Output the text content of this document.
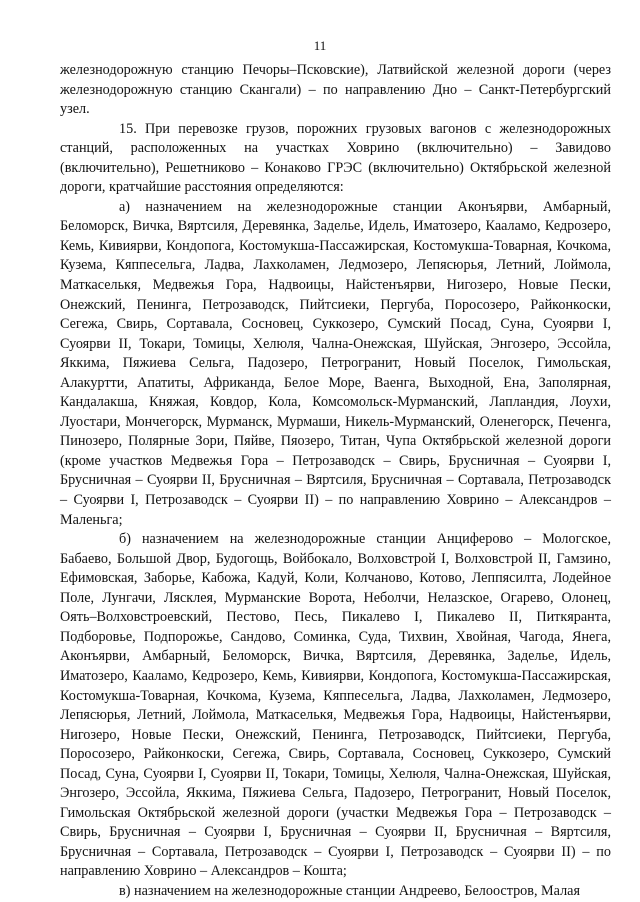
11

железнодорожную станцию Печоры–Псковские), Латвийской железной дороги (через железнодорожную станцию Скангали) – по направлению Дно – Санкт-Петербургский узел.

15. При перевозке грузов, порожних грузовых вагонов с железнодорожных станций, расположенных на участках Ховрино (включительно) – Завидово (включительно), Решетниково – Конаково ГРЭС (включительно) Октябрьской железной дороги, кратчайшие расстояния определяются:

а) назначением на железнодорожные станции Аконъярви, Амбарный, Беломорск, Вичка, Вяртсиля, Деревянка, Заделье, Идель, Иматозеро, Кааламо, Кедрозеро, Кемь, Кивиярви, Кондопога, Костомукша-Пассажирская, Костомукша-Товарная, Кочкома, Кузема, Кяппесельга, Ладва, Лахколамен, Ледмозеро, Лепясюрья, Летний, Лоймола, Маткаселькя, Медвежья Гора, Надвоицы, Найстенъярви, Нигозеро, Новые Пески, Онежский, Пенинга, Петрозаводск, Пийтсиеки, Пергуба, Поросозеро, Райконкоски, Сегежа, Свирь, Сортавала, Сосновец, Суккозеро, Сумский Посад, Суна, Суоярви I, Суоярви II, Токари, Томицы, Хелюля, Чална-Онежская, Шуйская, Энгозеро, Эссойла, Яккима, Пяжиева Сельга, Падозеро, Петрогранит, Новый Поселок, Гимольская, Алакуртти, Апатиты, Африканда, Белое Море, Ваенга, Выходной, Ена, Заполярная, Кандалакша, Княжая, Ковдор, Кола, Комсомольск-Мурманский, Лапландия, Лоухи, Луостари, Мончегорск, Мурманск, Мурмаши, Никель-Мурманский, Оленегорск, Печенга, Пинозеро, Полярные Зори, Пяйве, Пяозеро, Титан, Чупа Октябрьской железной дороги (кроме участков Медвежья Гора – Петрозаводск – Свирь, Брусничная – Суоярви I, Брусничная – Суоярви II, Брусничная – Вяртсиля, Брусничная – Сортавала, Петрозаводск – Суоярви I, Петрозаводск – Суоярви II) – по направлению Ховрино – Александров – Маленьга;

б) назначением на железнодорожные станции Анциферово – Мологское, Бабаево, Большой Двор, Будогощь, Войбокало, Волховстрой I, Волховстрой II, Гамзино, Ефимовская, Заборье, Кабожа, Кадуй, Коли, Колчаново, Котово, Леппясилта, Лодейное Поле, Лунгачи, Лясклея, Мурманские Ворота, Неболчи, Нелазское, Огарево, Олонец, Оять–Волховстроевский, Пестово, Песь, Пикалево I, Пикалево II, Питкяранта, Подборовье, Подпорожье, Сандово, Соминка, Суда, Тихвин, Хвойная, Чагода, Янега, Аконъярви, Амбарный, Беломорск, Вичка, Вяртсиля, Деревянка, Заделье, Идель, Иматозеро, Кааламо, Кедрозеро, Кемь, Кивиярви, Кондопога, Костомукша-Пассажирская, Костомукша-Товарная, Кочкома, Кузема, Кяппесельга, Ладва, Лахколамен, Ледмозеро, Лепясюрья, Летний, Лоймола, Маткаселькя, Медвежья Гора, Надвоицы, Найстенъярви, Нигозеро, Новые Пески, Онежский, Пенинга, Петрозаводск, Пийтсиеки, Пергуба, Поросозеро, Райконкоски, Сегежа, Свирь, Сортавала, Сосновец, Суккозеро, Сумский Посад, Суна, Суоярви I, Суоярви II, Токари, Томицы, Хелюля, Чална-Онежская, Шуйская, Энгозеро, Эссойла, Яккима, Пяжиева Сельга, Падозеро, Петрогранит, Новый Поселок, Гимольская Октябрьской железной дороги (участки Медвежья Гора – Петрозаводск – Свирь, Брусничная – Суоярви I, Брусничная – Суоярви II, Брусничная – Вяртсиля, Брусничная – Сортавала, Петрозаводск – Суоярви I, Петрозаводск – Суоярви II) – по направлению Ховрино – Александров – Кошта;

в) назначением на железнодорожные станции Андреево, Белоостров, Малая
